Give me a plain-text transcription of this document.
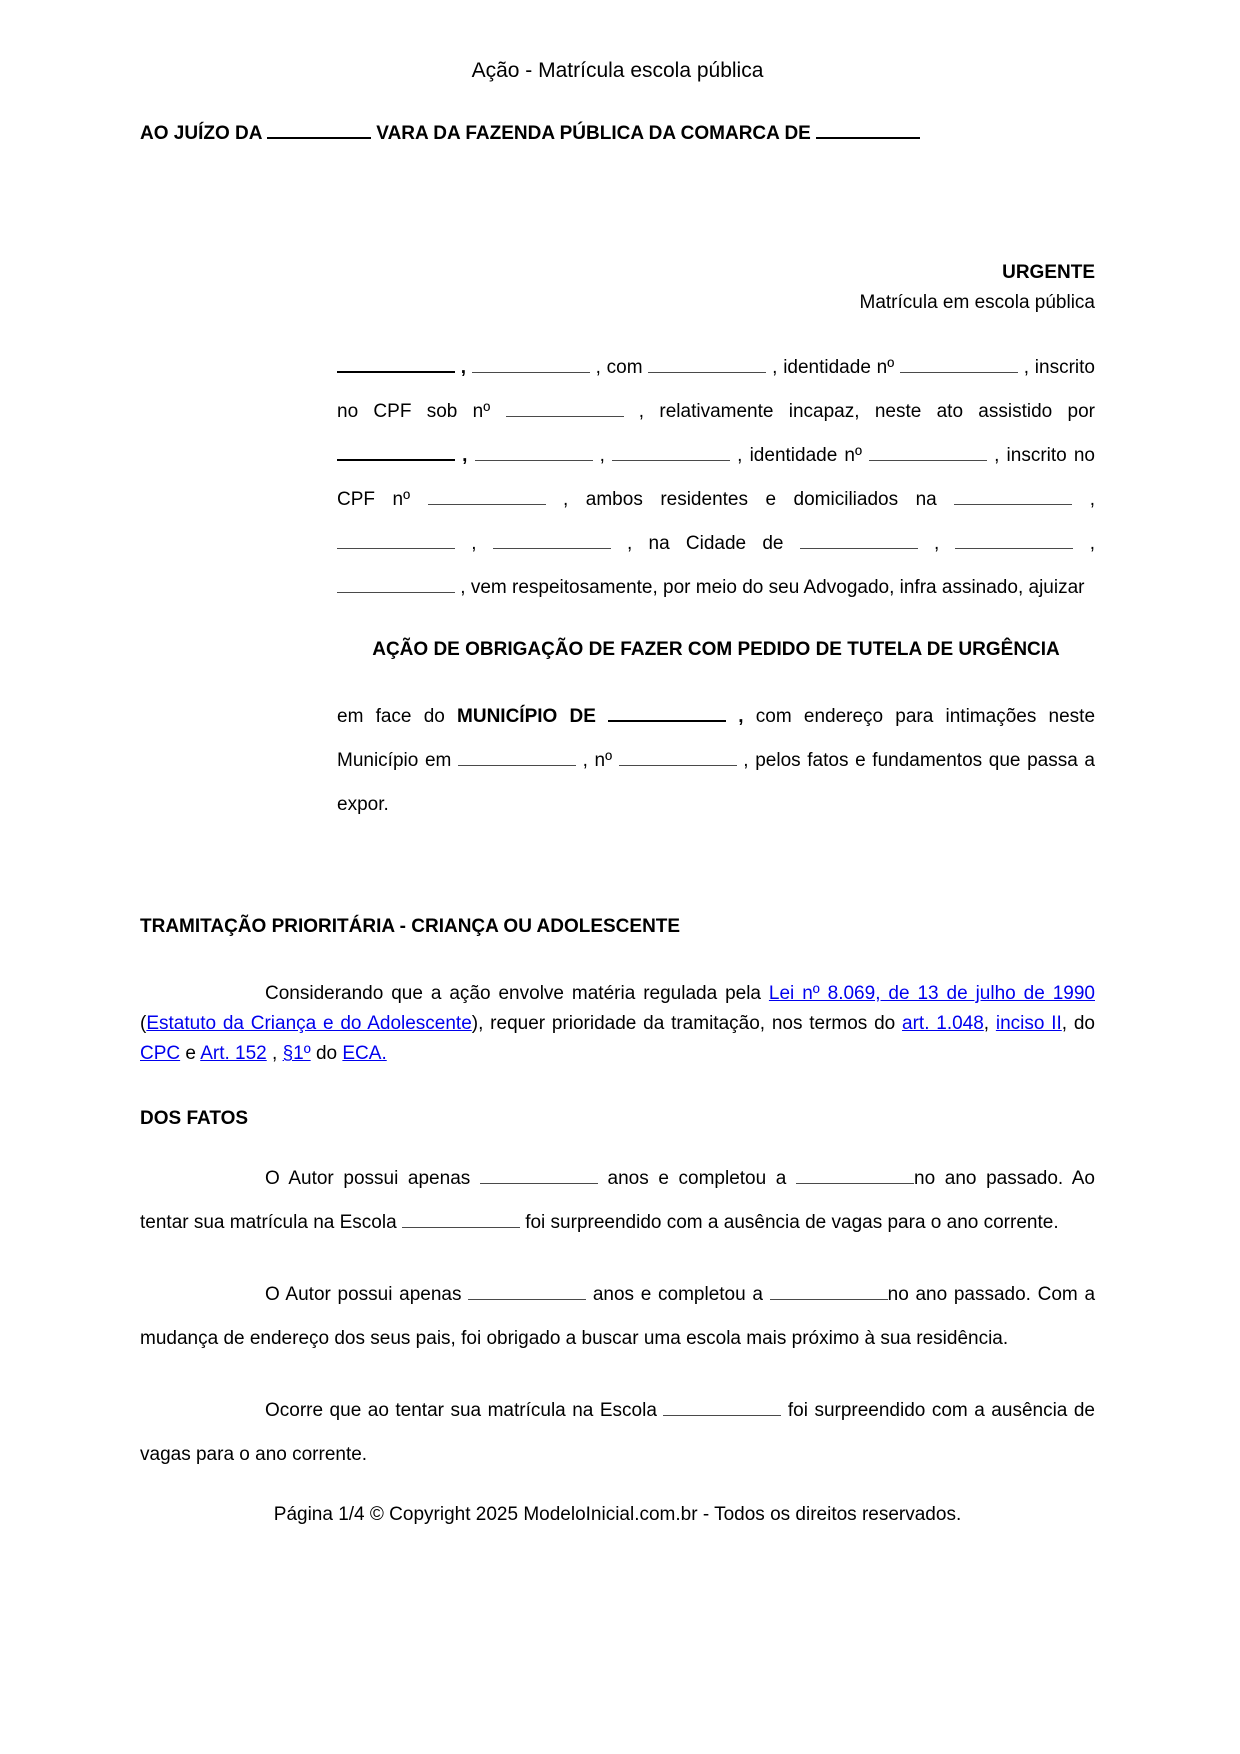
Ação - Matrícula escola pública
AO JUÍZO DA	VARA DA FAZENDA PÚBLICA DA COMARCA DE
URGENTE
Matrícula em escola pública
,	, com	, identidade nº	, inscrito no CPF sob nº	, relativamente incapaz, neste ato assistido por  ,	,	, identidade nº	, inscrito no CPF nº	, ambos residentes e domiciliados na	,  ,	, na Cidade de	,	,  , vem respeitosamente, por meio do seu Advogado, infra assinado, ajuizar
AÇÃO DE OBRIGAÇÃO DE FAZER COM PEDIDO DE TUTELA DE URGÊNCIA
em face do MUNICÍPIO DE	, com endereço para intimações neste Município em	, nº	, pelos fatos e fundamentos que passa a expor.
TRAMITAÇÃO PRIORITÁRIA - CRIANÇA OU ADOLESCENTE
Considerando que a ação envolve matéria regulada pela Lei nº 8.069, de 13 de julho de 1990 (Estatuto da Criança e do Adolescente), requer prioridade da tramitação, nos termos do art. 1.048, inciso II, do CPC e Art. 152 , §1º do ECA.
DOS FATOS
O Autor possui apenas	anos e completou a	no ano passado. Ao tentar sua matrícula na Escola	foi surpreendido com a ausência de vagas para o ano corrente.
O Autor possui apenas	anos e completou a	no ano passado. Com a mudança de endereço dos seus pais, foi obrigado a buscar uma escola mais próximo à sua residência.
Ocorre que ao tentar sua matrícula na Escola	foi surpreendido com a ausência de vagas para o ano corrente.
Página 1/4 © Copyright 2025 ModeloInicial.com.br - Todos os direitos reservados.
